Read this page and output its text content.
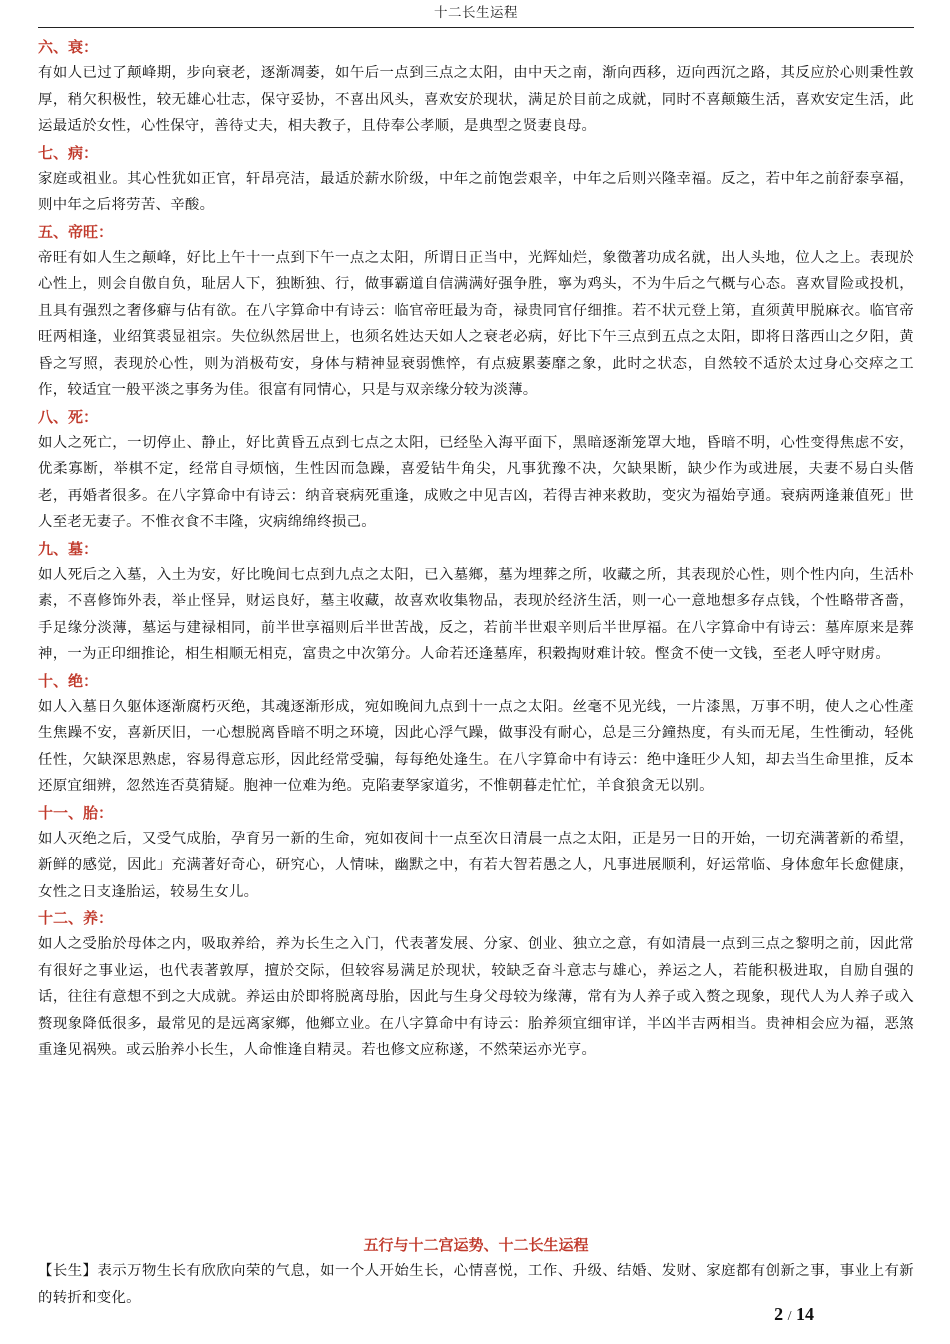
十二长生运程

六、衰：

有如人已过了颠峰期，步向衰老，逐渐凋萎，如午后一点到三点之太阳，由中天之南，渐向西移，迈向西沉之路，其反应於心则秉性敦厚，稍欠积极性，较无雄心壮志，保守妥协，不喜出风头，喜欢安於现状，满足於目前之成就，同时不喜颠簸生活，喜欢安定生活，此运最适於女性，心性保守，善待丈夫，相夫教子，且侍奉公孝顺，是典型之贤妻良母。

七、病：

家庭或祖业。其心性犹如正官，轩昂亮洁，最适於薪水阶级，中年之前饱尝艰辛，中年之后则兴隆幸福。反之，若中年之前舒泰享福，则中年之后将劳苦、辛酸。

五、帝旺：

帝旺有如人生之颠峰，好比上午十一点到下午一点之太阳，所谓日正当中，光辉灿烂，象徵著功成名就，出人头地，位人之上。表现於心性上，则会自傲自负，耻居人下，独断独、行，做事霸道自信满满好强争胜，寧为鸡头，不为牛后之气概与心态。喜欢冒险或投机，且具有强烈之奢侈癖与佔有欲。在八字算命中有诗云：临官帝旺最为奇，禄贵同官仔细推。若不状元登上第，直须黄甲脱麻衣。临官帝旺两相逢，业绍箕裘显祖宗。失位纵然居世上，也须名姓达天如人之衰老必病，好比下午三点到五点之太阳，即将日落西山之夕阳，黄昏之写照，表现於心性，则为消极苟安，身体与精神显衰弱憔悴，有点疲累萎靡之象，此时之状态，自然较不适於太过身心交瘁之工作，较适宜一般平淡之事务为佳。很富有同情心，只是与双亲缘分较为淡薄。

八、死：

如人之死亡，一切停止、静止，好比黄昏五点到七点之太阳，已经坠入海平面下，黑暗逐渐笼罩大地，昏暗不明，心性变得焦虑不安，优柔寡断，举棋不定，经常自寻烦恼，生性因而急躁，喜爱钻牛角尖，凡事犹豫不决，欠缺果断，缺少作为或进展，夫妻不易白头偕老，再婚者很多。在八字算命中有诗云：纳音衰病死重逢，成败之中见吉凶，若得吉神来救助，变灾为福始亨通。衰病两逢兼值死」世人至老无妻子。不惟衣食不丰隆，灾病绵绵终损己。

九、墓：

如人死后之入墓，入土为安，好比晚间七点到九点之太阳，已入墓鄉，墓为埋葬之所，收藏之所，其表现於心性，则个性内向，生活朴素，不喜修饰外表，举止怪异，财运良好，墓主收藏，故喜欢收集物品，表现於经济生活，则一心一意地想多存点钱，个性略带吝嗇，手足缘分淡薄，墓运与建禄相同，前半世享福则后半世苦战，反之，若前半世艰辛则后半世厚福。在八字算命中有诗云：墓库原来是葬神，一为正印细推论，相生相顺无相克，富贵之中次第分。人命若还逢墓库，积穀掏财难计较。慳贪不使一文钱，至老人呼守财虏。

十、绝：

如人入墓日久躯体逐渐腐朽灭绝，其魂逐渐形成，宛如晚间九点到十一点之太阳。丝毫不见光线，一片漆黑，万事不明，使人之心性產生焦躁不安，喜新厌旧，一心想脱离昏暗不明之环境，因此心浮气躁，做事没有耐心，总是三分鐘热度，有头而无尾，生性衝动，轻佻任性，欠缺深思熟虑，容易得意忘形，因此经常受骗，每每绝处逢生。在八字算命中有诗云：绝中逢旺少人知，却去当生命里推，反本还原宜细辨，忽然连否莫猜疑。胞神一位难为绝。克陷妻孥家道劣，不惟朝暮走忙忙，羊食狼贪无以别。

十一、胎：

如人灭绝之后，又受气成胎，孕育另一新的生命，宛如夜间十一点至次日清晨一点之太阳，正是另一日的开始，一切充满著新的希望，新鲜的感觉，因此」充满著好奇心，研究心，人情味，幽默之中，有若大智若愚之人，凡事进展顺利，好运常临、身体愈年长愈健康，女性之日支逢胎运，较易生女儿。

十二、养：

如人之受胎於母体之内，吸取养给，养为长生之入门，代表著发展、分家、创业、独立之意，有如清晨一点到三点之黎明之前，因此常有很好之事业运，也代表著敦厚，擅於交际，但较容易满足於现状，较缺乏奋斗意志与雄心，养运之人，若能积极进取，自励自强的话，往往有意想不到之大成就。养运由於即将脱离母胎，因此与生身父母较为缘薄，常有为人养子或入赘之现象，现代人为人养子或入赘现象降低很多，最常见的是远离家鄉，他鄉立业。在八字算命中有诗云：胎养须宜细审详，半凶半吉两相当。贵神相会应为福，恶煞重逢见祸殃。或云胎养小长生，人命惟逢自精灵。若也修文应称遂，不然荣运亦光亨。

五行与十二宫运势、十二长生运程

【长生】表示万物生长有欣欣向荣的气息，如一个人开始生长，心情喜悦，工作、升级、结婚、发财、家庭都有创新之事，事业上有新的转折和变化。

2 / 14
